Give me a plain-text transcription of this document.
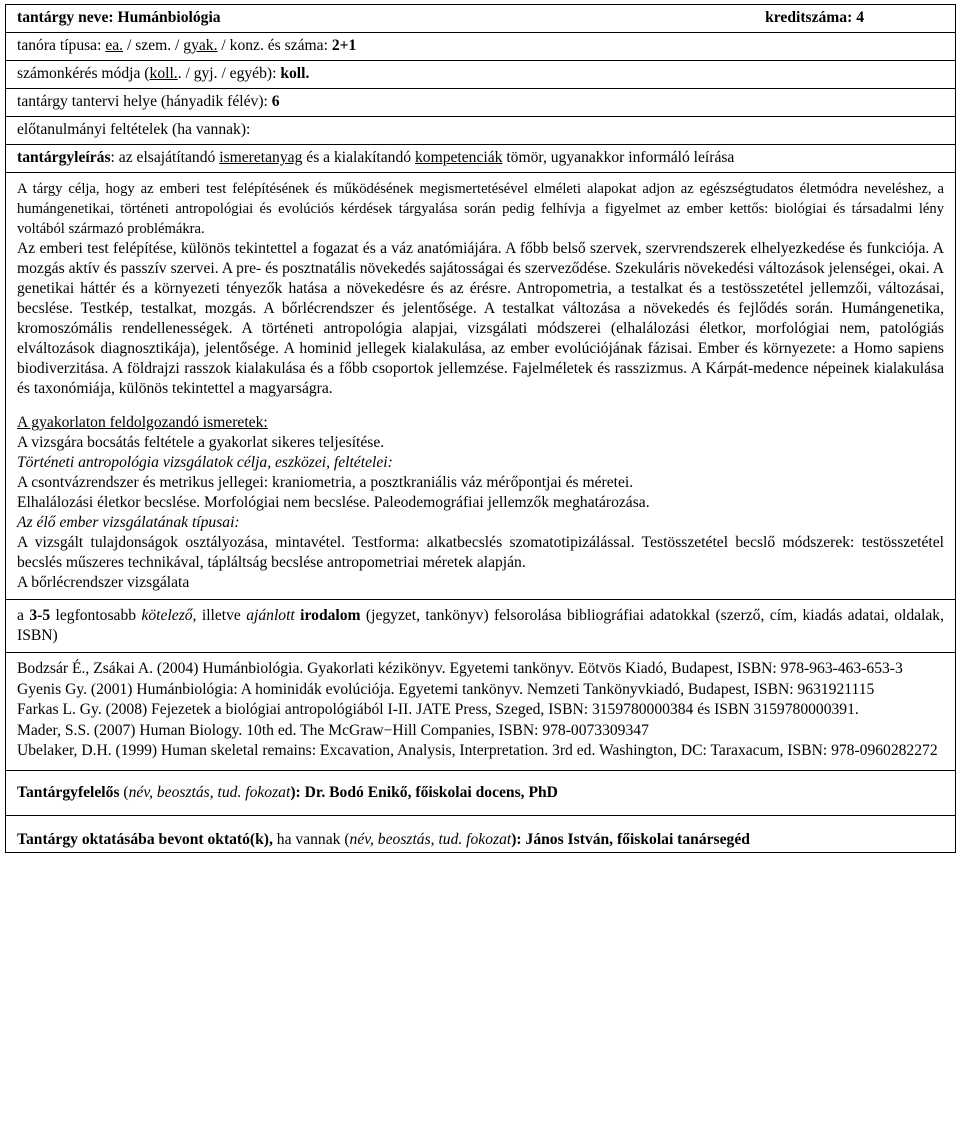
tantárgy neve: Humánbiológia	kreditszáma: 4
tanóra típusa: ea. / szem. / gyak. / konz. és száma: 2+1
számonkérés módja (koll.. / gyj. / egyéb): koll.
tantárgy tantervi helye (hányadik félév): 6
előtanulmányi feltételek (ha vannak):
tantárgyleírás: az elsajátítandó ismeretanyag és a kialakítandó kompetenciák tömör, ugyanakkor informáló leírása
A tárgy célja, hogy az emberi test felépítésének és működésének megismertetésével elméleti alapokat adjon az egészségtudatos életmódra neveléshez, a humángenetikai, történeti antropológiai és evolúciós kérdések tárgyalása során pedig felhívja a figyelmet az ember kettős: biológiai és társadalmi lény voltából származó problémákra.
Az emberi test felépítése, különös tekintettel a fogazat és a váz anatómiájára. A főbb belső szervek, szervrendszerek elhelyezkedése és funkciója. A mozgás aktív és passzív szervei. A pre- és posztnatális növekedés sajátosságai és szerveződése. Szekuláris növekedési változások jelenségei, okai. A genetikai háttér és a környezeti tényezők hatása a növekedésre és az érésre. Antropometria, a testalkat és a testösszetétel jellemzői, változásai, becslése. Testkép, testalkat, mozgás. A bőrlécrendszer és jelentősége. A testalkat változása a növekedés és fejlődés során. Humángenetika, kromoszómális rendellenességek. A történeti antropológia alapjai, vizsgálati módszerei (elhalálozási életkor, morfológiai nem, patológiás elváltozások diagnosztikája), jelentősége. A hominid jellegek kialakulása, az ember evolúciójának fázisai. Ember és környezete: a Homo sapiens biodiverzitása. A földrajzi rasszok kialakulása és a főbb csoportok jellemzése. Fajelméletek és rasszizmus. A Kárpát-medence népeinek kialakulása és taxonómiája, különös tekintettel a magyarságra.
A gyakorlaton feldolgozandó ismeretek:
A vizsgára bocsátás feltétele a gyakorlat sikeres teljesítése.
Történeti antropológia vizsgálatok célja, eszközei, feltételei:
A csontvázrendszer és metrikus jellegei: kraniometria, a posztkraniális váz mérőpontjai és méretei.
Elhalálozási életkor becslése. Morfológiai nem becslése. Paleodemográfiai jellemzők meghatározása.
Az élő ember vizsgálatának típusai:
A vizsgált tulajdonságok osztályozása, mintavétel. Testforma: alkatbecslés szomatotipizálással. Testösszetétel becslő módszerek: testösszetétel becslés műszeres technikával, tápláltság becslése antropometriai méretek alapján.
A bőrlécrendszer vizsgálata
a 3-5 legfontosabb kötelező, illetve ajánlott irodalom (jegyzet, tankönyv) felsorolása bibliográfiai adatokkal (szerző, cím, kiadás adatai, oldalak, ISBN)
Bodzsár É., Zsákai A. (2004) Humánbiológia. Gyakorlati kézikönyv. Egyetemi tankönyv. Eötvös Kiadó, Budapest, ISBN: 978-963-463-653-3
Gyenis Gy. (2001) Humánbiológia: A hominidák evolúciója. Egyetemi tankönyv. Nemzeti Tankönyvkiadó, Budapest, ISBN: 9631921115
Farkas L. Gy. (2008) Fejezetek a biológiai antropológiából I-II. JATE Press, Szeged, ISBN: 3159780000384 és ISBN 3159780000391.
Mader, S.S. (2007) Human Biology. 10th ed. The McGraw−Hill Companies, ISBN: 978-0073309347
Ubelaker, D.H. (1999) Human skeletal remains: Excavation, Analysis, Interpretation. 3rd ed. Washington, DC: Taraxacum, ISBN: 978-0960282272
Tantárgyfelelős (név, beosztás, tud. fokozat): Dr. Bodó Enikő, főiskolai docens, PhD
Tantárgy oktatásába bevont oktató(k), ha vannak (név, beosztás, tud. fokozat): János István, főiskolai tanársegéd
